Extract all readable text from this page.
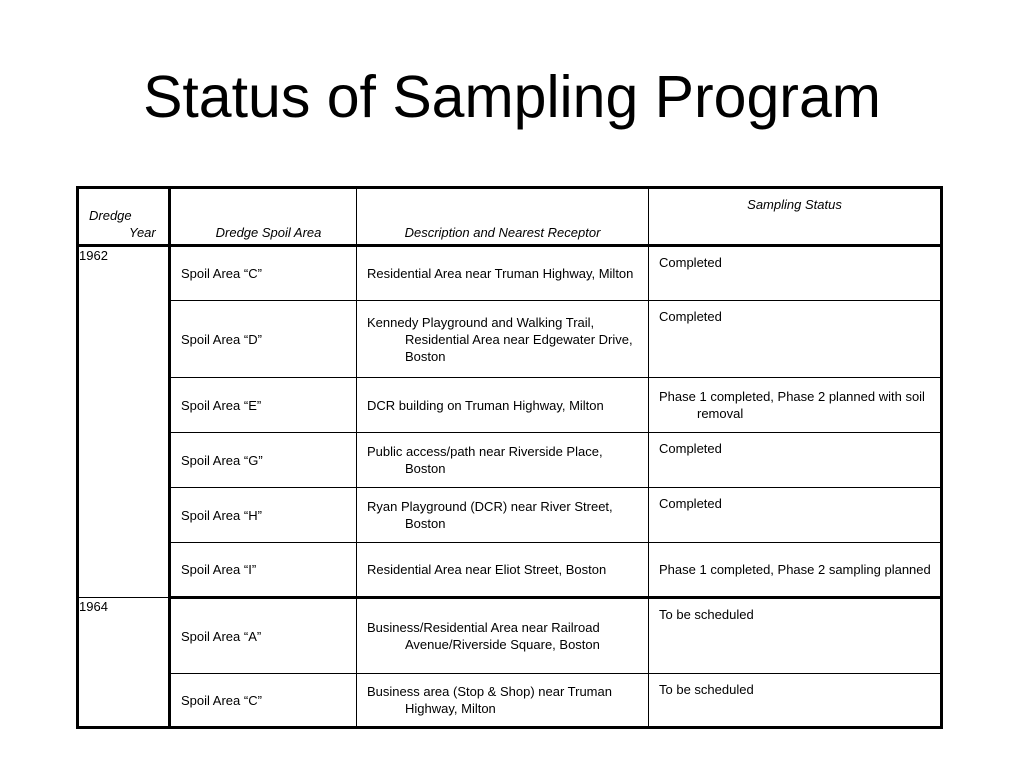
Status of Sampling Program
Dredge
Year	Dredge Spoil Area	Description and Nearest Receptor	Sampling Status

1962	Spoil Area “C”	Residential Area near Truman Highway, Milton	Completed

	Spoil Area “D”	Kennedy Playground and Walking Trail, Residential Area near Edgewater Drive, Boston	Completed

	Spoil Area “E”	DCR building on Truman Highway, Milton	Phase 1 completed, Phase 2 planned with soil removal

	Spoil Area “G”	Public access/path near Riverside Place, Boston	Completed

	Spoil Area “H”	Ryan Playground (DCR) near River Street, Boston	Completed

	Spoil Area “I”	Residential Area near Eliot Street, Boston	Phase 1 completed, Phase 2 sampling planned

1964	Spoil Area “A”	Business/Residential Area near Railroad Avenue/Riverside Square, Boston	To be scheduled

	Spoil Area “C”	Business area (Stop & Shop) near Truman Highway, Milton	To be scheduled
